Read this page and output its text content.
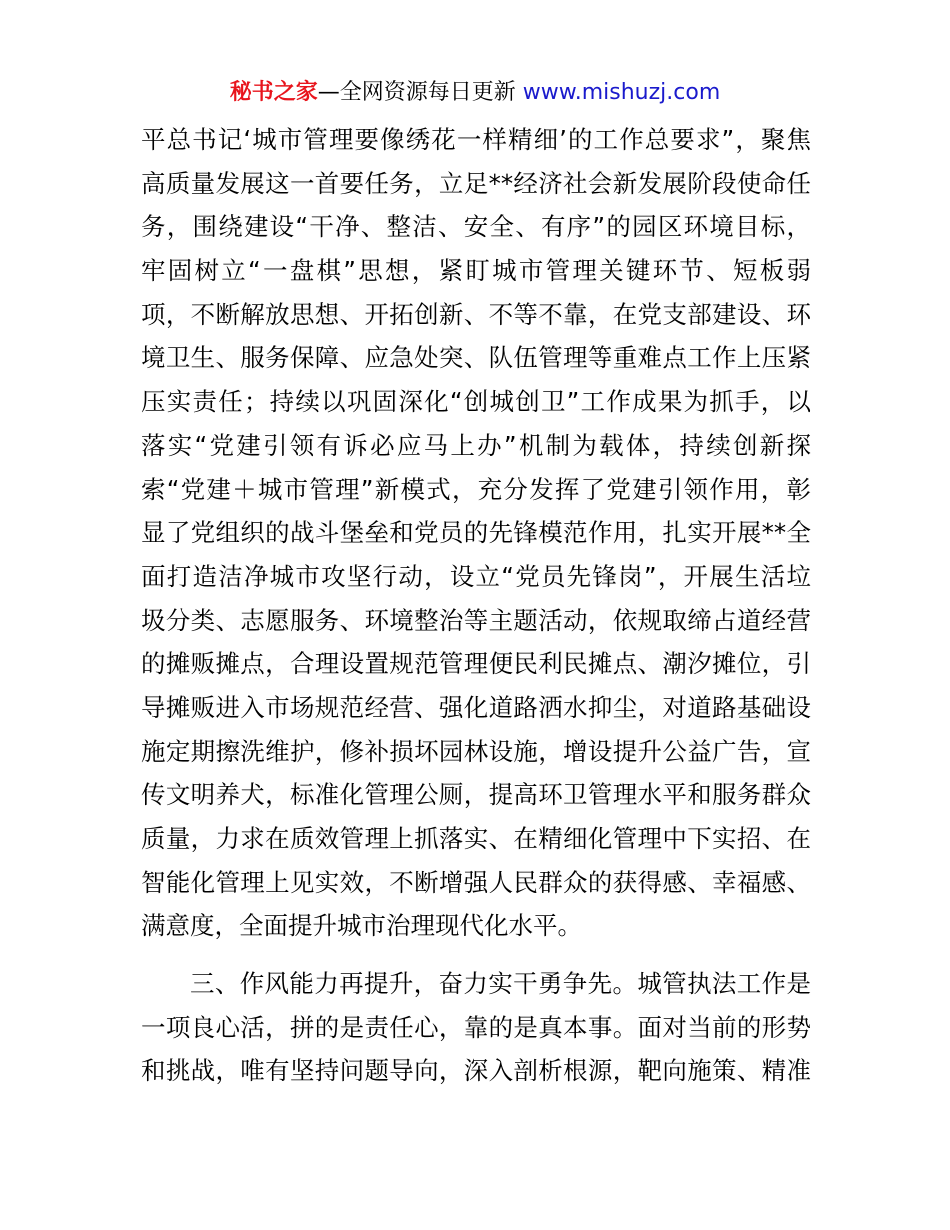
秘书之家—全网资源每日更新 www.mishuzj.com
平总书记‘城市管理要像绣花一样精细’的工作总要求”，聚焦
高质量发展这一首要任务，立足**经济社会新发展阶段使命任
务，围绕建设“干净、整洁、安全、有序”的园区环境目标，
牢固树立“一盘棋”思想，紧盯城市管理关键环节、短板弱
项，不断解放思想、开拓创新、不等不靠，在党支部建设、环
境卫生、服务保障、应急处突、队伍管理等重难点工作上压紧
压实责任；持续以巩固深化“创城创卫”工作成果为抓手，以
落实“党建引领有诉必应马上办”机制为载体，持续创新探
索“党建＋城市管理”新模式，充分发挥了党建引领作用，彰
显了党组织的战斗堡垒和党员的先锋模范作用，扎实开展**全
面打造洁净城市攻坚行动，设立“党员先锋岗”，开展生活垃
圾分类、志愿服务、环境整治等主题活动，依规取缔占道经营
的摊贩摊点，合理设置规范管理便民利民摊点、潮汐摊位，引
导摊贩进入市场规范经营、强化道路洒水抑尘，对道路基础设
施定期擦洗维护，修补损坏园林设施，增设提升公益广告，宣
传文明养犬，标准化管理公厕，提高环卫管理水平和服务群众
质量，力求在质效管理上抓落实、在精细化管理中下实招、在
智能化管理上见实效，不断增强人民群众的获得感、幸福感、
满意度，全面提升城市治理现代化水平。
三、作风能力再提升，奋力实干勇争先。城管执法工作是
一项良心活，拼的是责任心，靠的是真本事。面对当前的形势
和挑战，唯有坚持问题导向，深入剖析根源，靶向施策、精准
